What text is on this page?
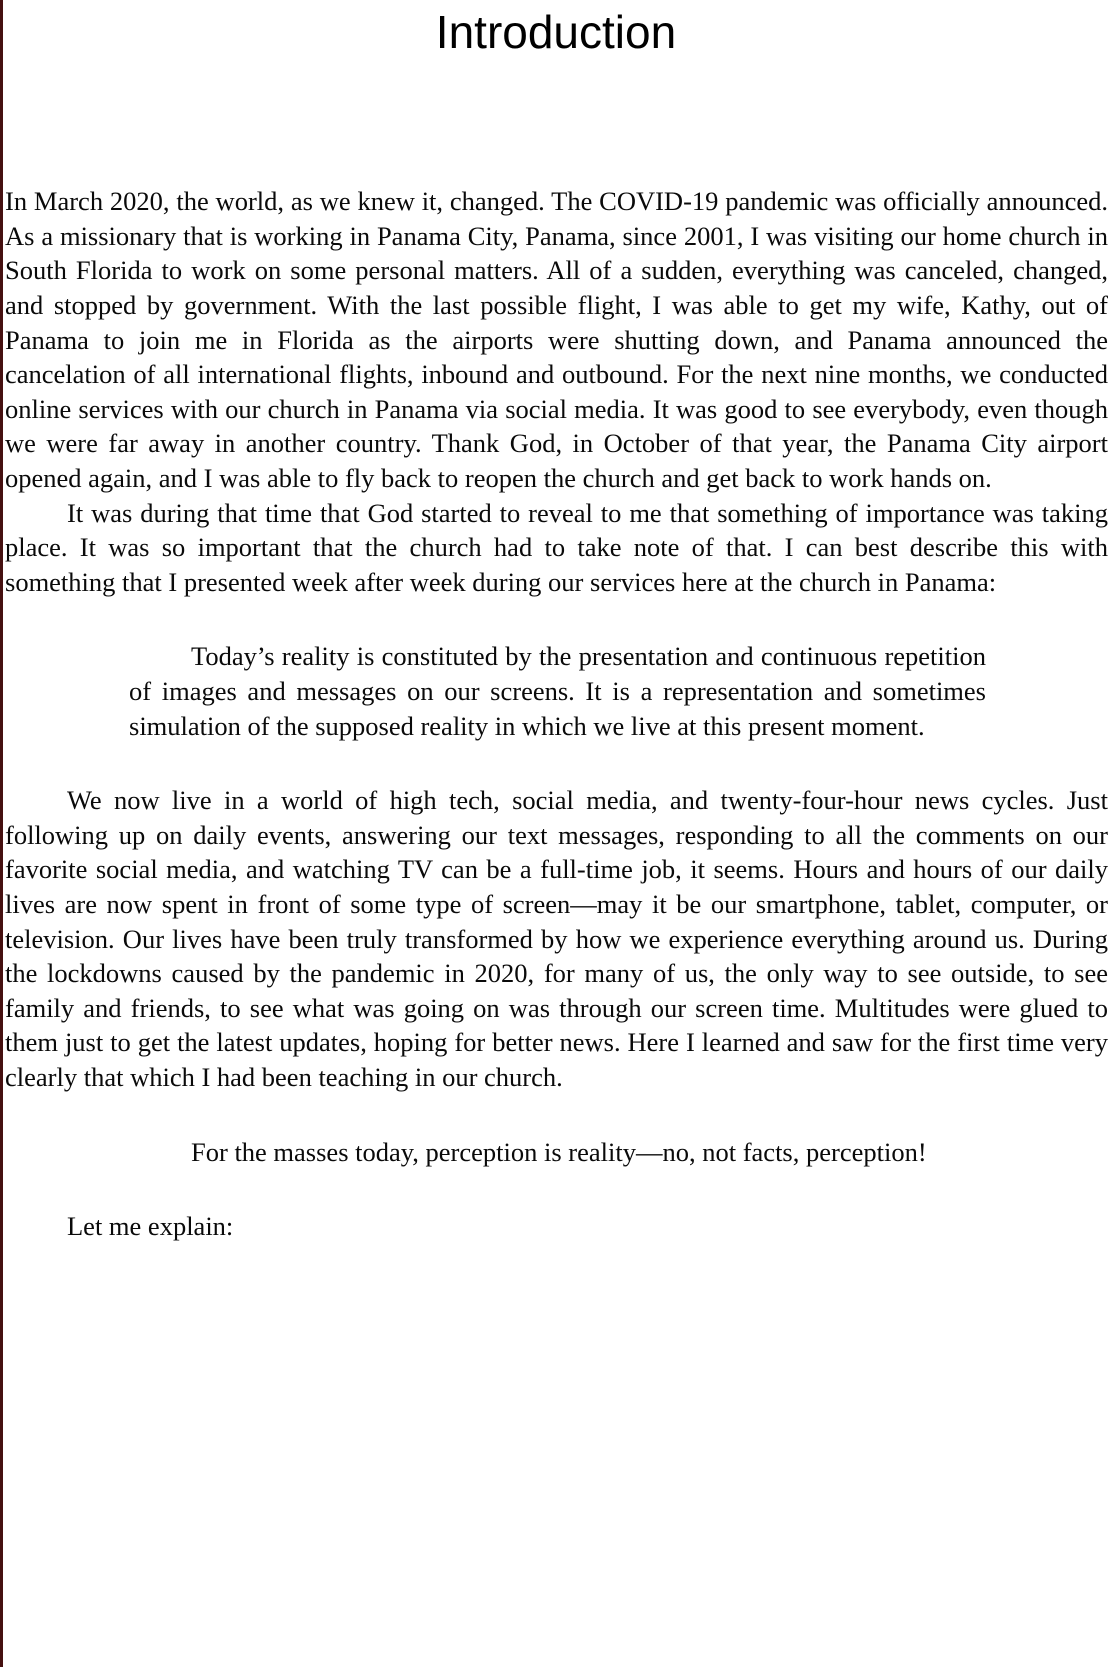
Introduction

In March 2020, the world, as we knew it, changed. The COVID-19 pandemic was officially announced. As a missionary that is working in Panama City, Panama, since 2001, I was visiting our home church in South Florida to work on some personal matters. All of a sudden, everything was canceled, changed, and stopped by government. With the last possible flight, I was able to get my wife, Kathy, out of Panama to join me in Florida as the airports were shutting down, and Panama announced the cancelation of all international flights, inbound and outbound. For the next nine months, we conducted online services with our church in Panama via social media. It was good to see everybody, even though we were far away in another country. Thank God, in October of that year, the Panama City airport opened again, and I was able to fly back to reopen the church and get back to work hands on.

It was during that time that God started to reveal to me that something of importance was taking place. It was so important that the church had to take note of that. I can best describe this with something that I presented week after week during our services here at the church in Panama:

Today’s reality is constituted by the presentation and continuous repetition of images and messages on our screens. It is a representation and sometimes simulation of the supposed reality in which we live at this present moment.

We now live in a world of high tech, social media, and twenty-four-hour news cycles. Just following up on daily events, answering our text messages, responding to all the comments on our favorite social media, and watching TV can be a full-time job, it seems. Hours and hours of our daily lives are now spent in front of some type of screen—may it be our smartphone, tablet, computer, or television. Our lives have been truly transformed by how we experience everything around us. During the lockdowns caused by the pandemic in 2020, for many of us, the only way to see outside, to see family and friends, to see what was going on was through our screen time. Multitudes were glued to them just to get the latest updates, hoping for better news. Here I learned and saw for the first time very clearly that which I had been teaching in our church.

For the masses today, perception is reality—no, not facts, perception!

Let me explain:
